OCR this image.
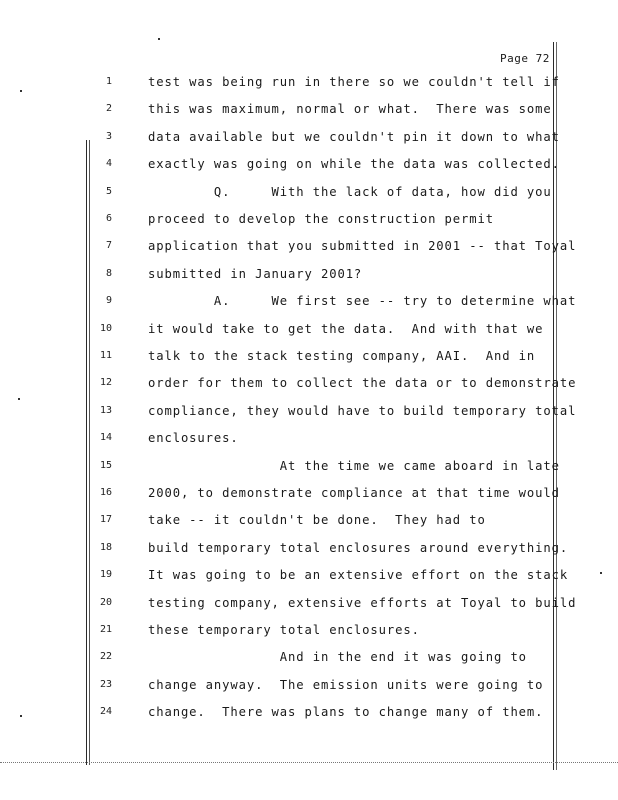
Page 72
1	test was being run in there so we couldn't tell if
2	this was maximum, normal or what.  There was some
3	data available but we couldn't pin it down to what
4	exactly was going on while the data was collected.
5	Q.     With the lack of data, how did you
6	proceed to develop the construction permit
7	application that you submitted in 2001 -- that Toyal
8	submitted in January 2001?
9	A.     We first see -- try to determine what
10	it would take to get the data.  And with that we
11	talk to the stack testing company, AAI.  And in
12	order for them to collect the data or to demonstrate
13	compliance, they would have to build temporary total
14	enclosures.
15	At the time we came aboard in late
16	2000, to demonstrate compliance at that time would
17	take -- it couldn't be done.  They had to
18	build temporary total enclosures around everything.
19	It was going to be an extensive effort on the stack
20	testing company, extensive efforts at Toyal to build
21	these temporary total enclosures.
22	And in the end it was going to
23	change anyway.  The emission units were going to
24	change.  There was plans to change many of them.
